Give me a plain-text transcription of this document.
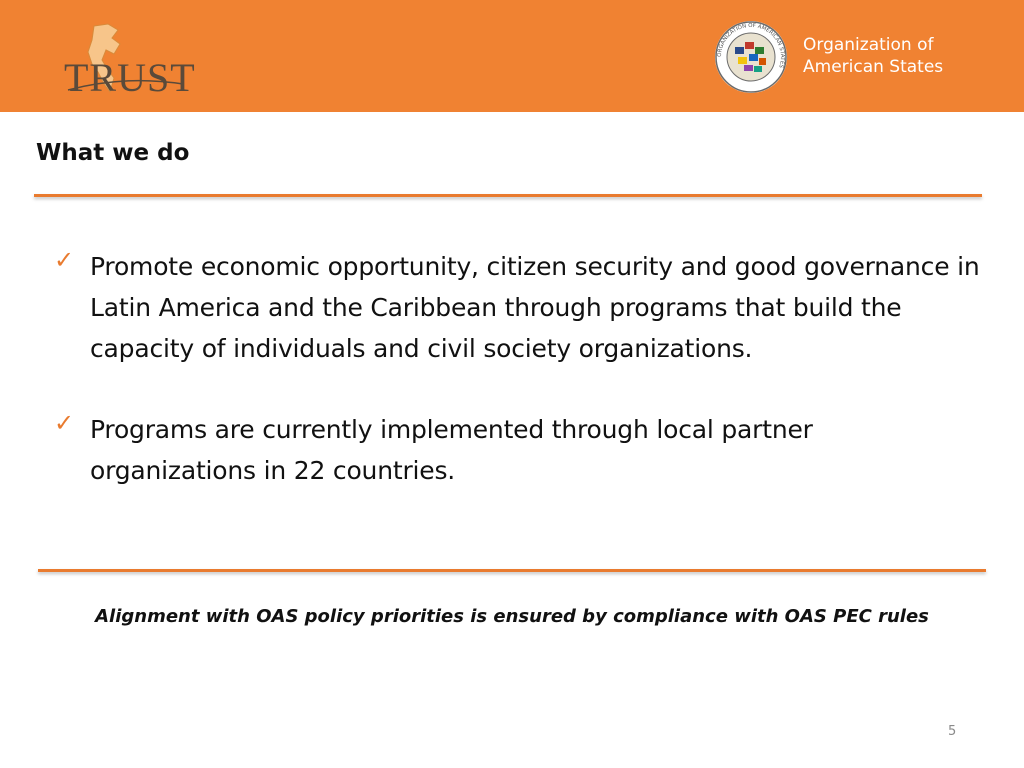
TRUST
ORGANIZATION OF AMERICAN STATES
Organization of
American States
What we do
✓ Promote economic opportunity, citizen security and good governance in Latin America and the Caribbean through programs that build the capacity of individuals and civil society organizations.
✓ Programs are currently implemented through local partner organizations in 22 countries.
Alignment with OAS policy priorities is ensured by compliance with OAS PEC rules
5
